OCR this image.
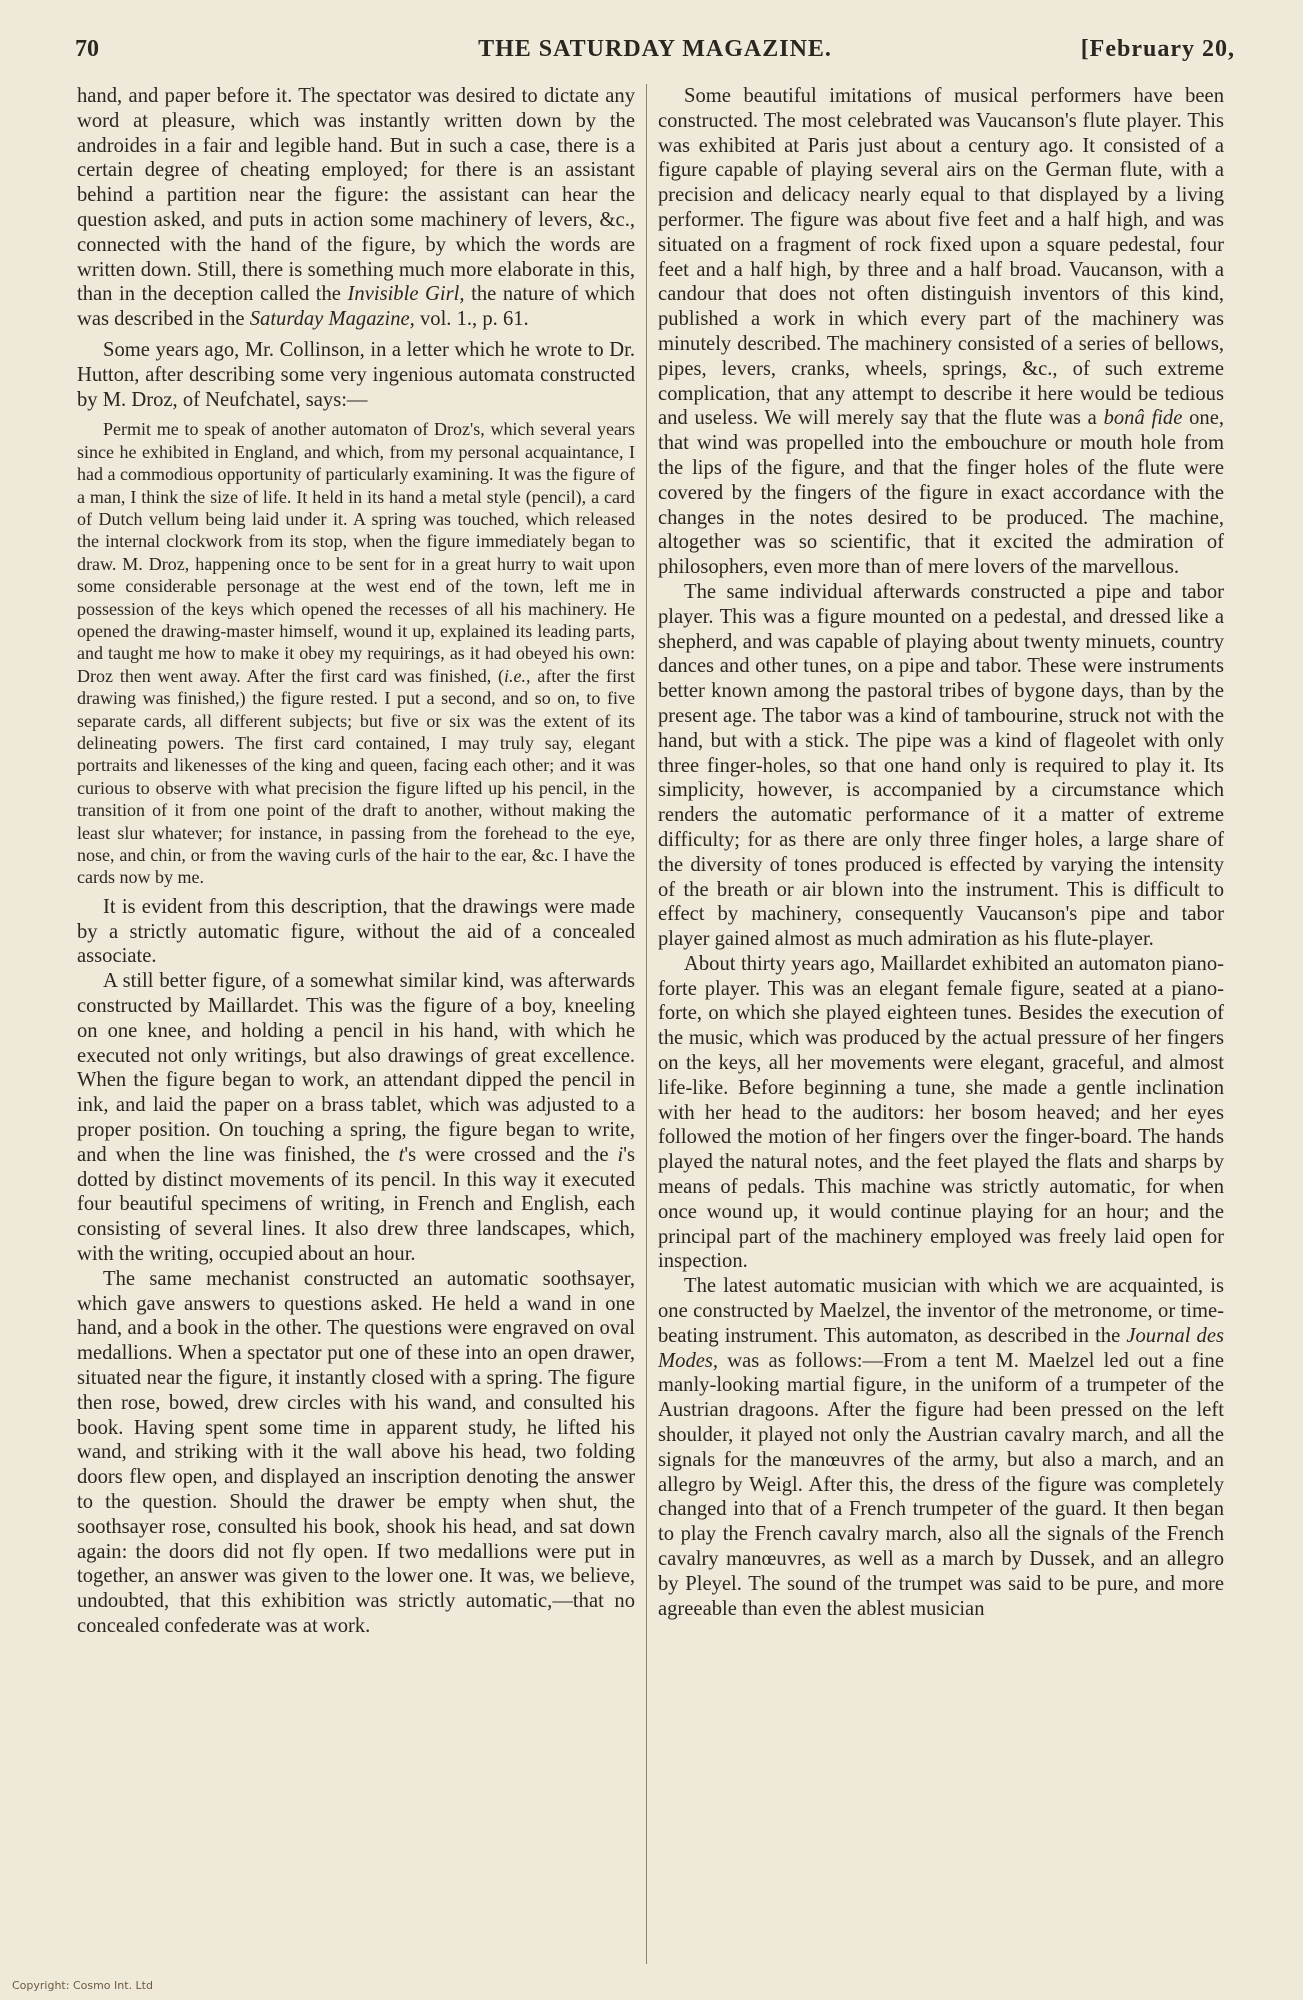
70	THE SATURDAY MAGAZINE.	[February 20,

hand, and paper before it. The spectator was desired to dictate any word at pleasure, which was instantly written down by the androides in a fair and legible hand. But in such a case, there is a certain degree of cheating employed; for there is an assistant behind a partition near the figure: the assistant can hear the question asked, and puts in action some machinery of levers, &c., connected with the hand of the figure, by which the words are written down. Still, there is something much more elaborate in this, than in the deception called the Invisible Girl, the nature of which was described in the Saturday Magazine, vol. 1., p. 61.

Some years ago, Mr. Collinson, in a letter which he wrote to Dr. Hutton, after describing some very ingenious automata constructed by M. Droz, of Neufchatel, says:—

Permit me to speak of another automaton of Droz's, which several years since he exhibited in England, and which, from my personal acquaintance, I had a commodious opportunity of particularly examining. It was the figure of a man, I think the size of life. It held in its hand a metal style (pencil), a card of Dutch vellum being laid under it. A spring was touched, which released the internal clockwork from its stop, when the figure immediately began to draw. M. Droz, happening once to be sent for in a great hurry to wait upon some considerable personage at the west end of the town, left me in possession of the keys which opened the recesses of all his machinery. He opened the drawing-master himself, wound it up, explained its leading parts, and taught me how to make it obey my requirings, as it had obeyed his own: Droz then went away. After the first card was finished, (i.e., after the first drawing was finished,) the figure rested. I put a second, and so on, to five separate cards, all different subjects; but five or six was the extent of its delineating powers. The first card contained, I may truly say, elegant portraits and likenesses of the king and queen, facing each other; and it was curious to observe with what precision the figure lifted up his pencil, in the transition of it from one point of the draft to another, without making the least slur whatever; for instance, in passing from the forehead to the eye, nose, and chin, or from the waving curls of the hair to the ear, &c. I have the cards now by me.

It is evident from this description, that the drawings were made by a strictly automatic figure, without the aid of a concealed associate.

A still better figure, of a somewhat similar kind, was afterwards constructed by Maillardet. This was the figure of a boy, kneeling on one knee, and holding a pencil in his hand, with which he executed not only writings, but also drawings of great excellence. When the figure began to work, an attendant dipped the pencil in ink, and laid the paper on a brass tablet, which was adjusted to a proper position. On touching a spring, the figure began to write, and when the line was finished, the t's were crossed and the i's dotted by distinct movements of its pencil. In this way it executed four beautiful specimens of writing, in French and English, each consisting of several lines. It also drew three landscapes, which, with the writing, occupied about an hour.

The same mechanist constructed an automatic soothsayer, which gave answers to questions asked. He held a wand in one hand, and a book in the other. The questions were engraved on oval medallions. When a spectator put one of these into an open drawer, situated near the figure, it instantly closed with a spring. The figure then rose, bowed, drew circles with his wand, and consulted his book. Having spent some time in apparent study, he lifted his wand, and striking with it the wall above his head, two folding doors flew open, and displayed an inscription denoting the answer to the question. Should the drawer be empty when shut, the soothsayer rose, consulted his book, shook his head, and sat down again: the doors did not fly open. If two medallions were put in together, an answer was given to the lower one. It was, we believe, undoubted, that this exhibition was strictly automatic,—that no concealed confederate was at work.

Some beautiful imitations of musical performers have been constructed. The most celebrated was Vaucanson's flute player. This was exhibited at Paris just about a century ago. It consisted of a figure capable of playing several airs on the German flute, with a precision and delicacy nearly equal to that displayed by a living performer. The figure was about five feet and a half high, and was situated on a fragment of rock fixed upon a square pedestal, four feet and a half high, by three and a half broad. Vaucanson, with a candour that does not often distinguish inventors of this kind, published a work in which every part of the machinery was minutely described. The machinery consisted of a series of bellows, pipes, levers, cranks, wheels, springs, &c., of such extreme complication, that any attempt to describe it here would be tedious and useless. We will merely say that the flute was a bonâ fide one, that wind was propelled into the embouchure or mouth hole from the lips of the figure, and that the finger holes of the flute were covered by the fingers of the figure in exact accordance with the changes in the notes desired to be produced. The machine, altogether was so scientific, that it excited the admiration of philosophers, even more than of mere lovers of the marvellous.

The same individual afterwards constructed a pipe and tabor player. This was a figure mounted on a pedestal, and dressed like a shepherd, and was capable of playing about twenty minuets, country dances and other tunes, on a pipe and tabor. These were instruments better known among the pastoral tribes of bygone days, than by the present age. The tabor was a kind of tambourine, struck not with the hand, but with a stick. The pipe was a kind of flageolet with only three finger-holes, so that one hand only is required to play it. Its simplicity, however, is accompanied by a circumstance which renders the automatic performance of it a matter of extreme difficulty; for as there are only three finger holes, a large share of the diversity of tones produced is effected by varying the intensity of the breath or air blown into the instrument. This is difficult to effect by machinery, consequently Vaucanson's pipe and tabor player gained almost as much admiration as his flute-player.

About thirty years ago, Maillardet exhibited an automaton piano-forte player. This was an elegant female figure, seated at a piano-forte, on which she played eighteen tunes. Besides the execution of the music, which was produced by the actual pressure of her fingers on the keys, all her movements were elegant, graceful, and almost life-like. Before beginning a tune, she made a gentle inclination with her head to the auditors: her bosom heaved; and her eyes followed the motion of her fingers over the finger-board. The hands played the natural notes, and the feet played the flats and sharps by means of pedals. This machine was strictly automatic, for when once wound up, it would continue playing for an hour; and the principal part of the machinery employed was freely laid open for inspection.

The latest automatic musician with which we are acquainted, is one constructed by Maelzel, the inventor of the metronome, or time-beating instrument. This automaton, as described in the Journal des Modes, was as follows:—From a tent M. Maelzel led out a fine manly-looking martial figure, in the uniform of a trumpeter of the Austrian dragoons. After the figure had been pressed on the left shoulder, it played not only the Austrian cavalry march, and all the signals for the manœuvres of the army, but also a march, and an allegro by Weigl. After this, the dress of the figure was completely changed into that of a French trumpeter of the guard. It then began to play the French cavalry march, also all the signals of the French cavalry manœuvres, as well as a march by Dussek, and an allegro by Pleyel. The sound of the trumpet was said to be pure, and more agreeable than even the ablest musician

Copyright: Cosmo Int. Ltd
